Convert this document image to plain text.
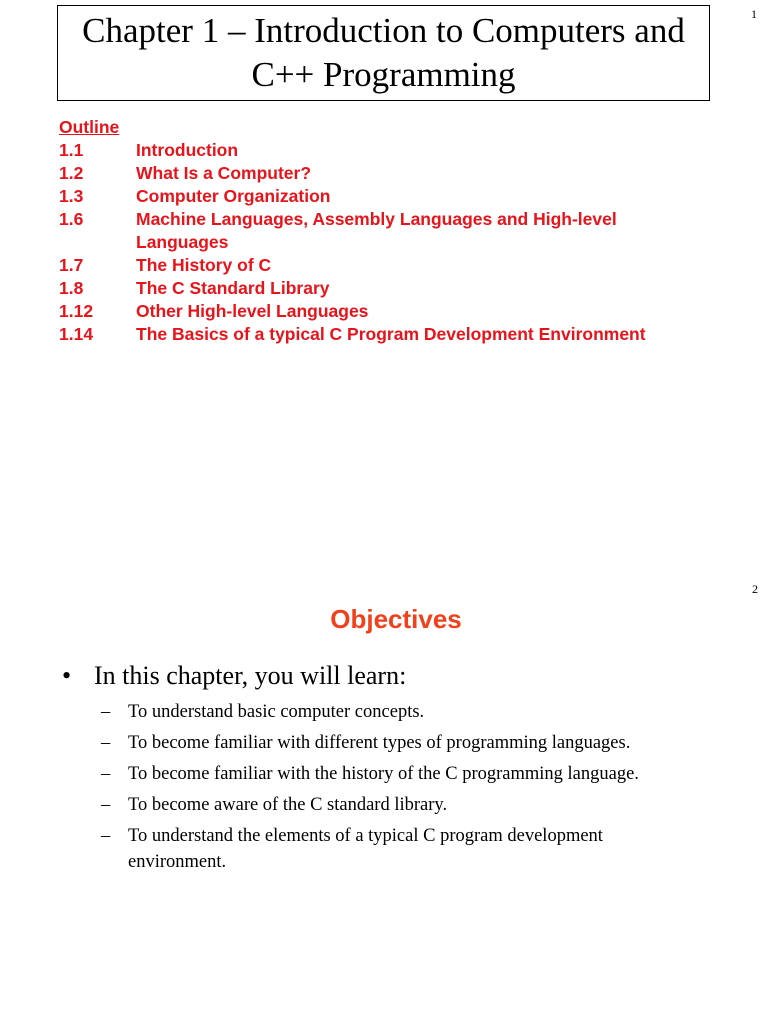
1
Chapter 1 – Introduction to Computers and C++ Programming
Outline
1.1	Introduction
1.2	What Is a Computer?
1.3	Computer Organization
1.6	Machine Languages, Assembly Languages and High-level Languages
1.7	The History of C
1.8	The C Standard Library
1.12	Other High-level Languages
1.14	The Basics of a typical C Program Development Environment
2
Objectives
• In this chapter, you will learn:
– To understand basic computer concepts.
– To become familiar with different types of programming languages.
– To become familiar with the history of the C programming language.
– To become aware of the C standard library.
– To understand the elements of a typical C program development environment.
